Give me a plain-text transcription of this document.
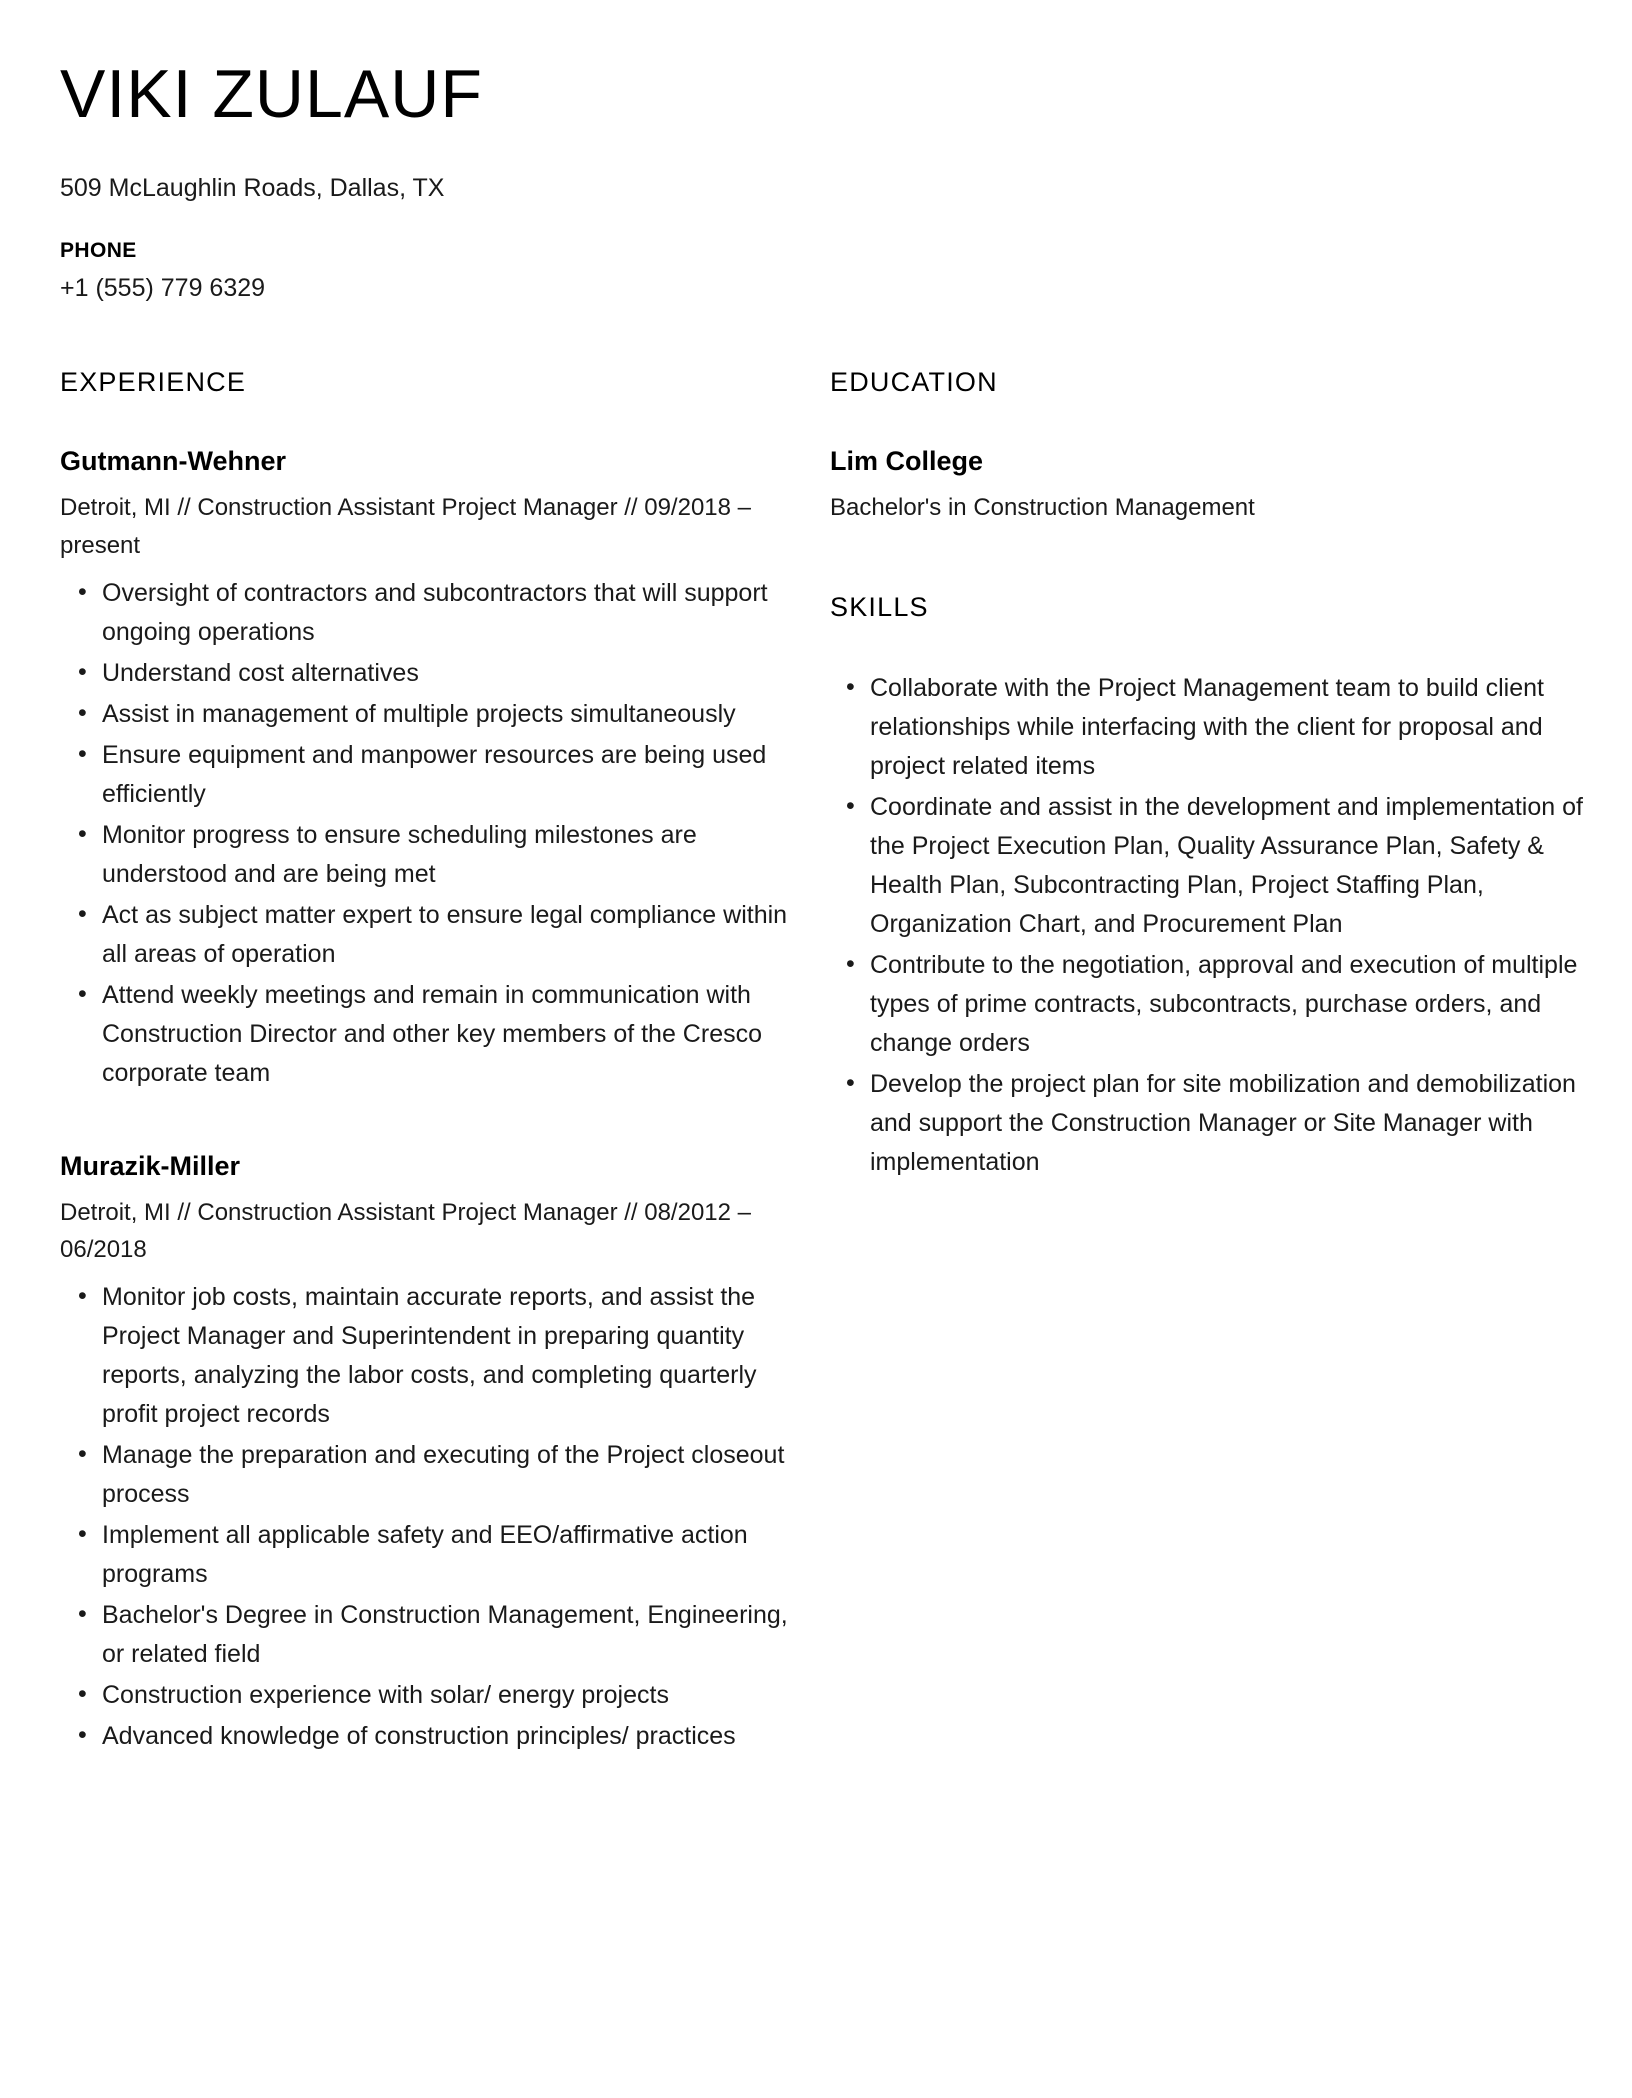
VIKI ZULAUF
509 McLaughlin Roads, Dallas, TX
PHONE
+1 (555) 779 6329
EXPERIENCE
Gutmann-Wehner
Detroit, MI // Construction Assistant Project Manager // 09/2018 – present
• Oversight of contractors and subcontractors that will support ongoing operations
• Understand cost alternatives
• Assist in management of multiple projects simultaneously
• Ensure equipment and manpower resources are being used efficiently
• Monitor progress to ensure scheduling milestones are understood and are being met
• Act as subject matter expert to ensure legal compliance within all areas of operation
• Attend weekly meetings and remain in communication with Construction Director and other key members of the Cresco corporate team
Murazik-Miller
Detroit, MI // Construction Assistant Project Manager // 08/2012 – 06/2018
• Monitor job costs, maintain accurate reports, and assist the Project Manager and Superintendent in preparing quantity reports, analyzing the labor costs, and completing quarterly profit project records
• Manage the preparation and executing of the Project closeout process
• Implement all applicable safety and EEO/affirmative action programs
• Bachelor's Degree in Construction Management, Engineering, or related field
• Construction experience with solar/ energy projects
• Advanced knowledge of construction principles/ practices
EDUCATION
Lim College
Bachelor's in Construction Management
SKILLS
• Collaborate with the Project Management team to build client relationships while interfacing with the client for proposal and project related items
• Coordinate and assist in the development and implementation of the Project Execution Plan, Quality Assurance Plan, Safety & Health Plan, Subcontracting Plan, Project Staffing Plan, Organization Chart, and Procurement Plan
• Contribute to the negotiation, approval and execution of multiple types of prime contracts, subcontracts, purchase orders, and change orders
• Develop the project plan for site mobilization and demobilization and support the Construction Manager or Site Manager with implementation
